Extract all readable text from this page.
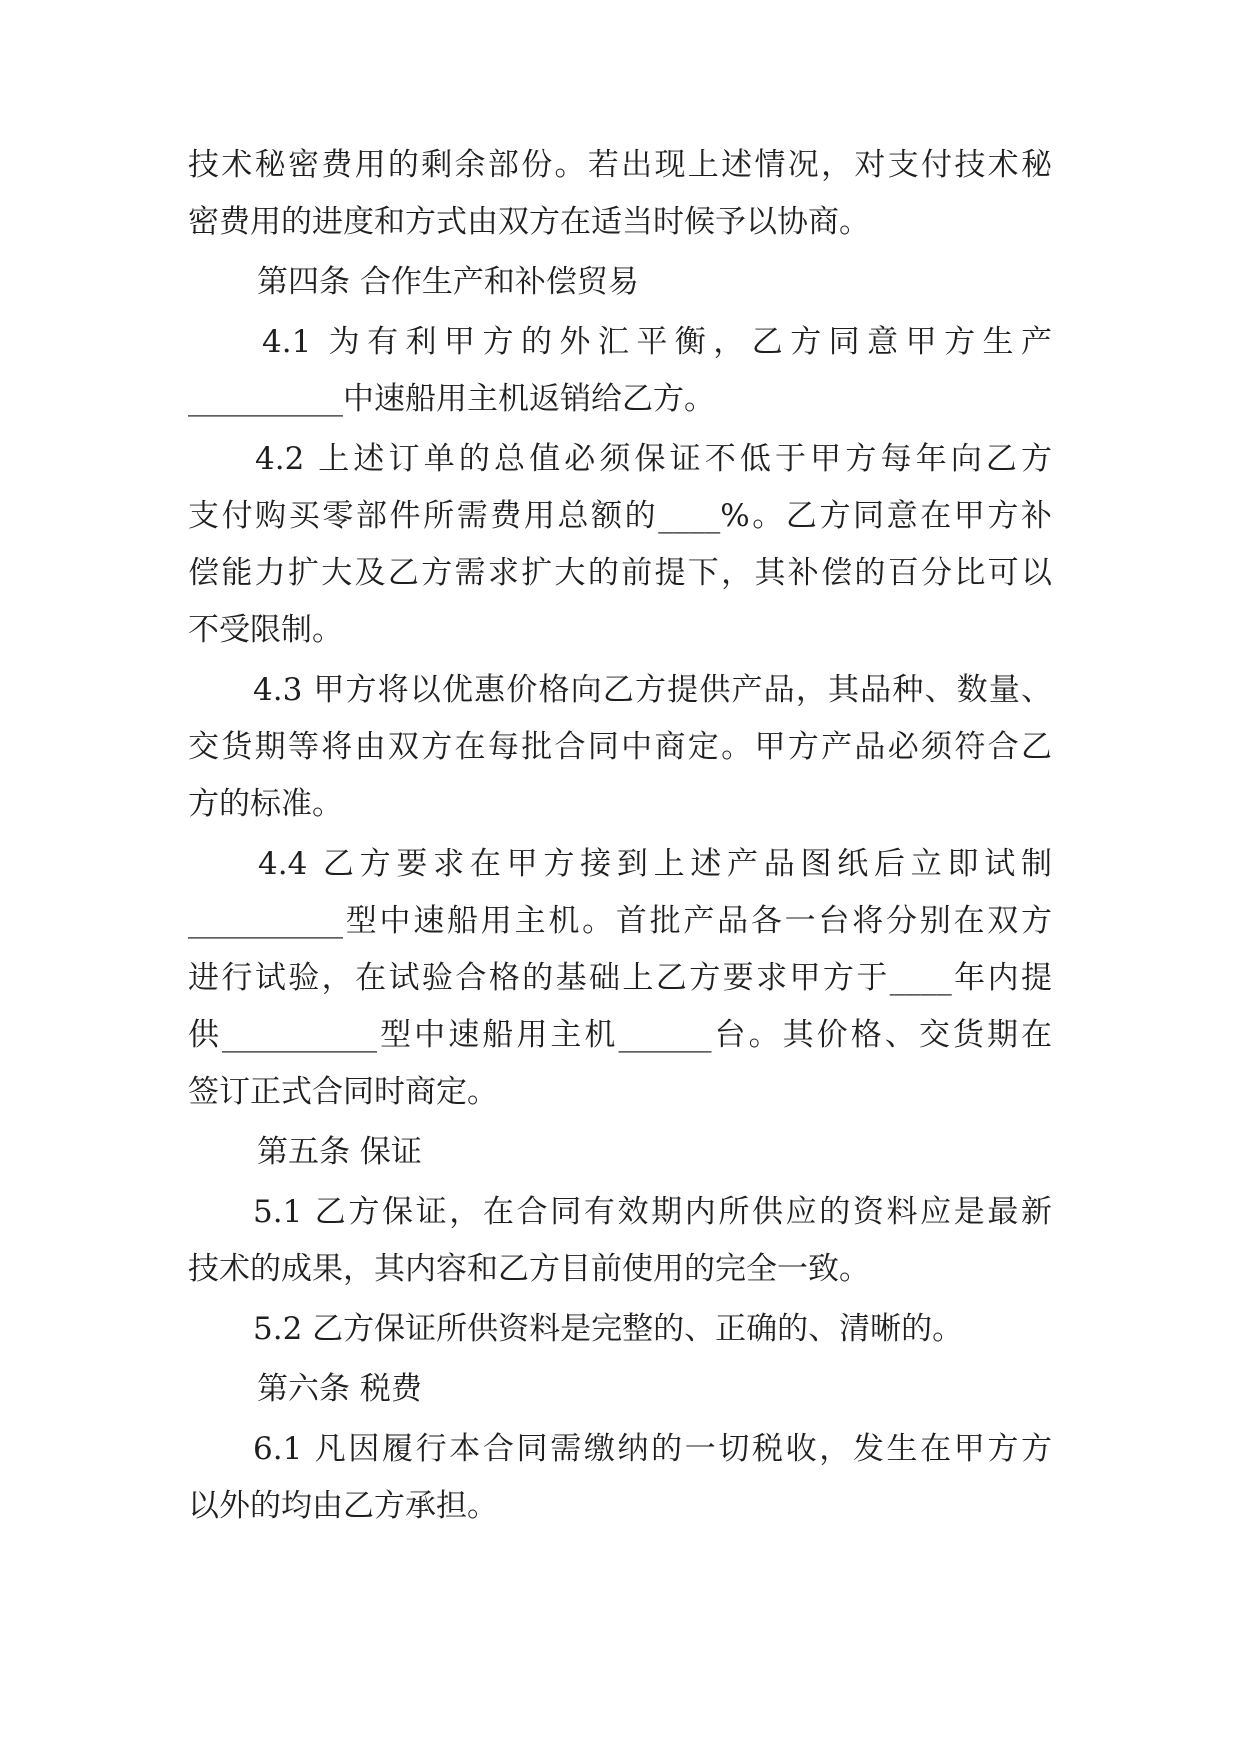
技术秘密费用的剩余部份。若出现上述情况，对支付技术秘
密费用的进度和方式由双方在适当时候予以协商。
第四条 合作生产和补偿贸易
4.1 为有利甲方的外汇平衡，乙方同意甲方生产
__________中速船用主机返销给乙方。
4.2 上述订单的总值必须保证不低于甲方每年向乙方
支付购买零部件所需费用总额的____%。乙方同意在甲方补
偿能力扩大及乙方需求扩大的前提下，其补偿的百分比可以
不受限制。
4.3 甲方将以优惠价格向乙方提供产品，其品种、数量、
交货期等将由双方在每批合同中商定。甲方产品必须符合乙
方的标准。
4.4 乙方要求在甲方接到上述产品图纸后立即试制
__________型中速船用主机。首批产品各一台将分别在双方
进行试验，在试验合格的基础上乙方要求甲方于____年内提
供__________型中速船用主机______台。其价格、交货期在
签订正式合同时商定。
第五条 保证
5.1 乙方保证，在合同有效期内所供应的资料应是最新
技术的成果，其内容和乙方目前使用的完全一致。
5.2 乙方保证所供资料是完整的、正确的、清晰的。
第六条 税费
6.1 凡因履行本合同需缴纳的一切税收，发生在甲方方
以外的均由乙方承担。
